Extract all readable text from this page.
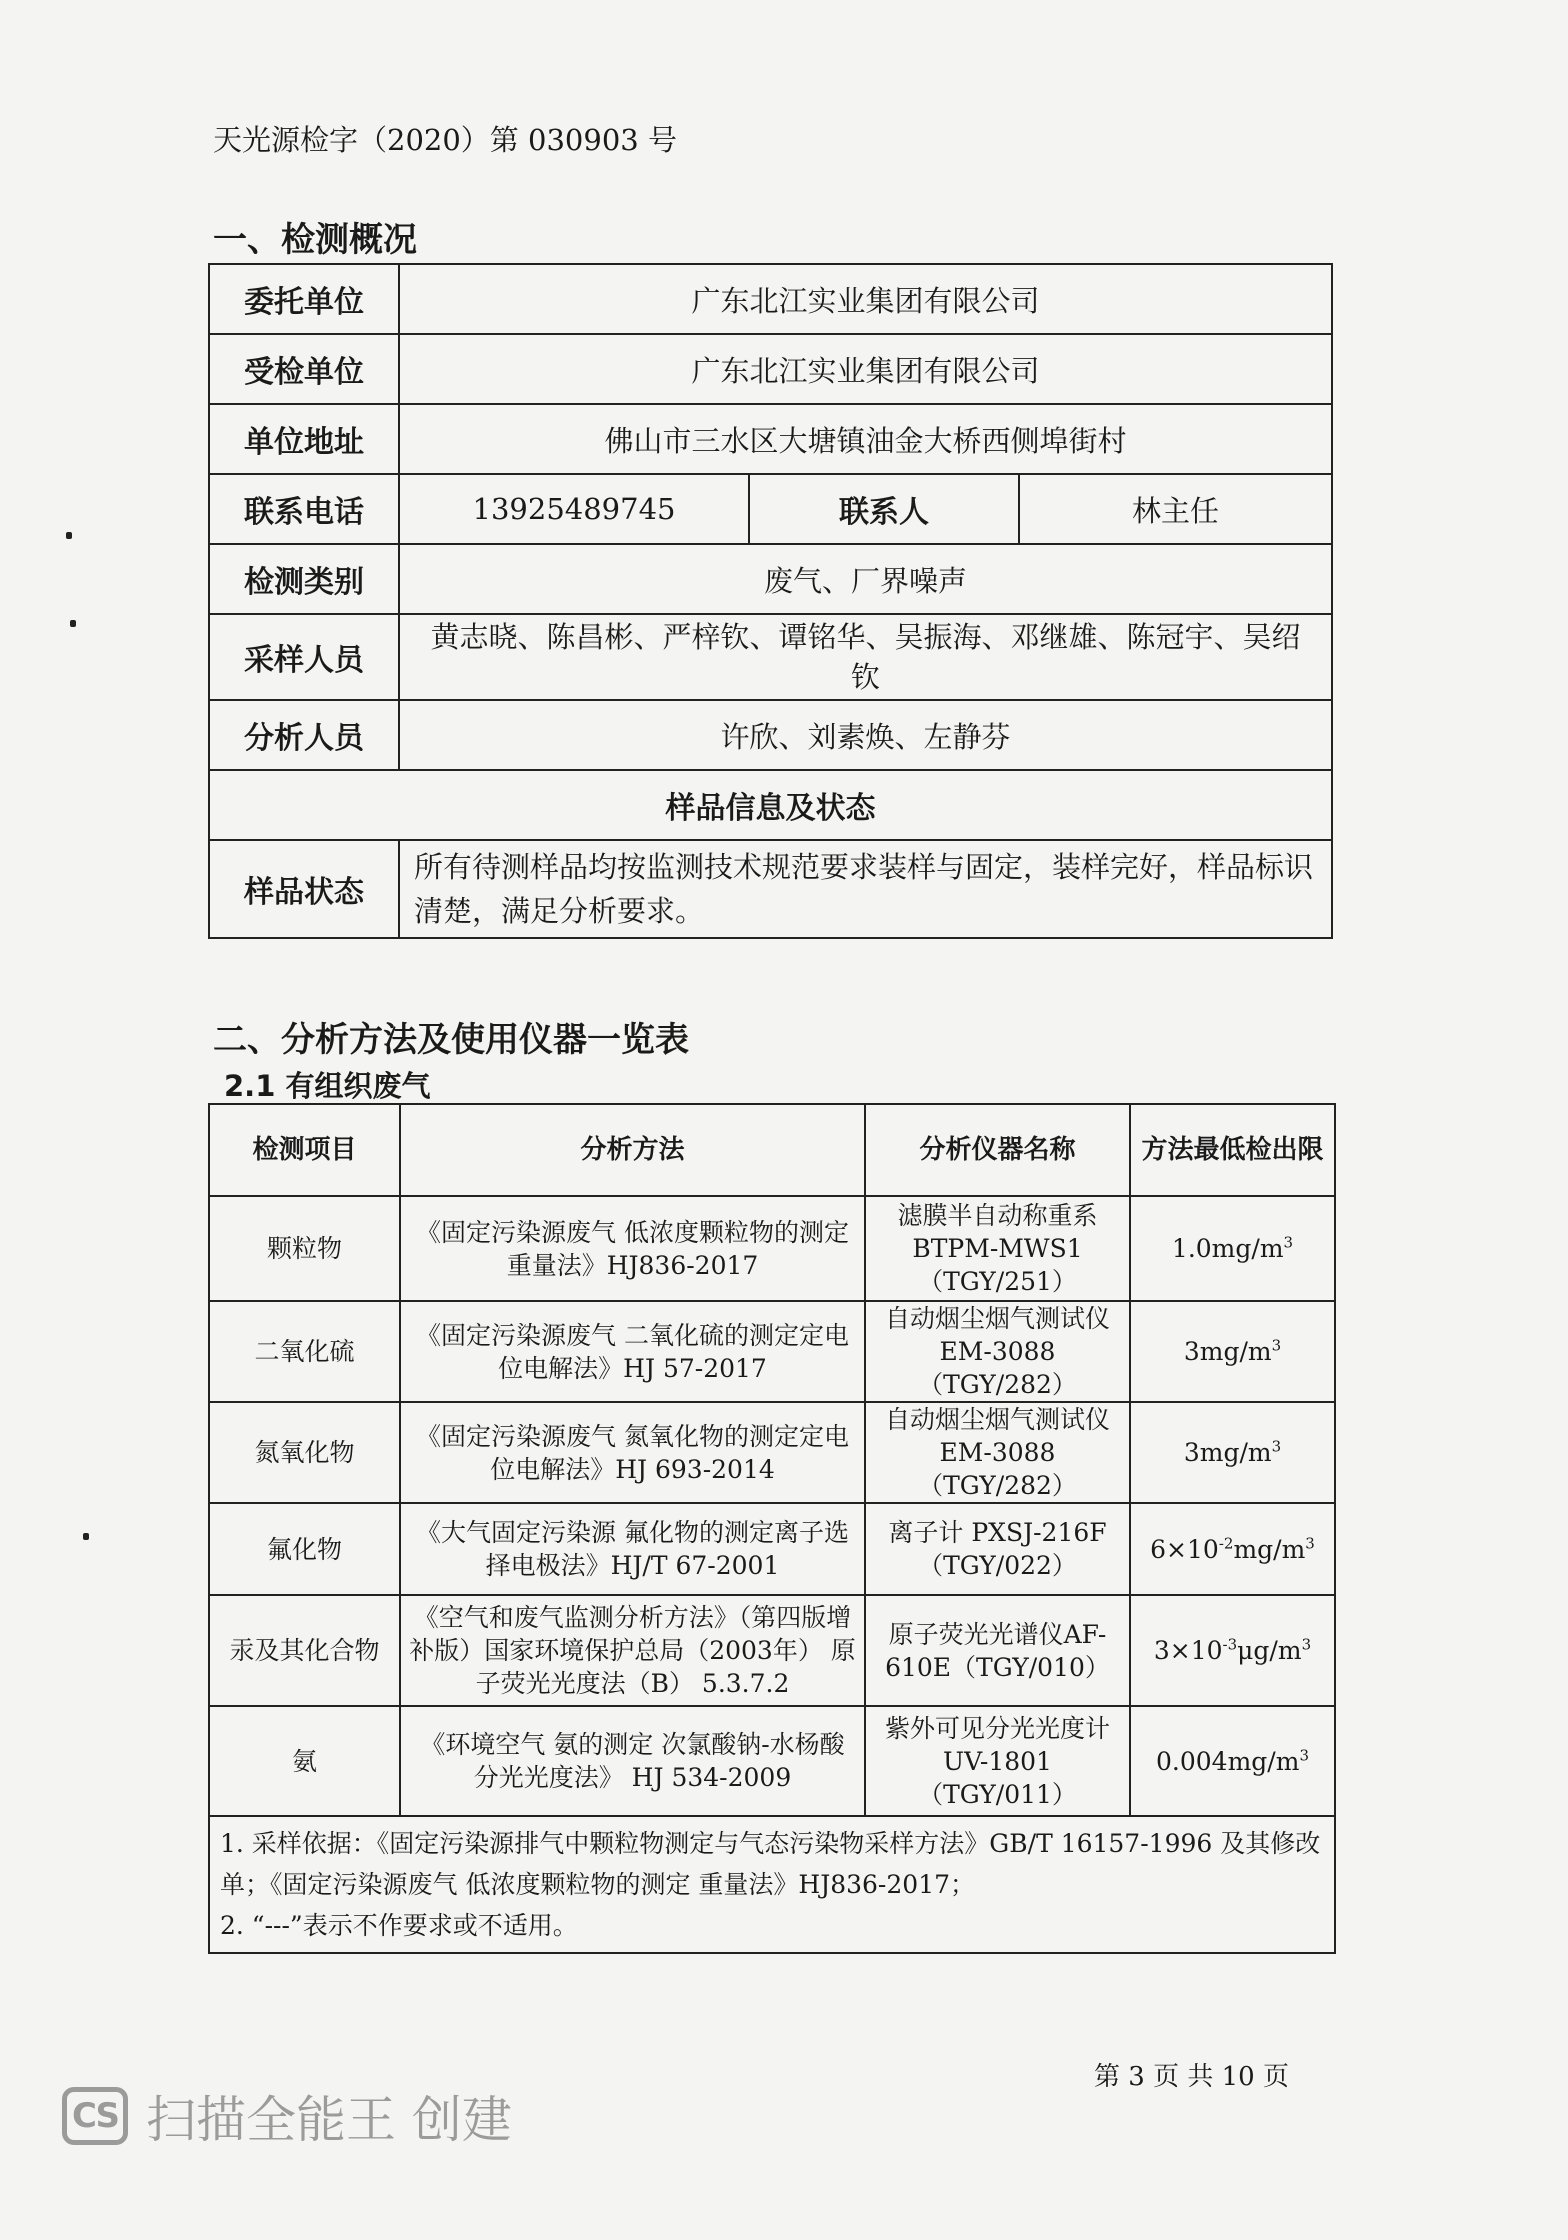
天光源检字（2020）第 030903 号
一、检测概况
委托单位	广东北江实业集团有限公司		
受检单位	广东北江实业集团有限公司		
单位地址	佛山市三水区大塘镇油金大桥西侧埠街村		
联系电话	13925489745	联系人	林主任
检测类别	废气、厂界噪声		
采样人员	黄志晓、陈昌彬、严梓钦、谭铭华、吴振海、邓继雄、陈冠宇、吴绍钦		
分析人员	许欣、刘素焕、左静芬		
样品信息及状态			
样品状态	所有待测样品均按监测技术规范要求装样与固定，装样完好，样品标识清楚，满足分析要求。		
二、分析方法及使用仪器一览表
2.1 有组织废气
检测项目	分析方法	分析仪器名称	方法最低检出限
颗粒物	《固定污染源废气 低浓度颗粒物的测定 重量法》HJ836-2017	滤膜半自动称重系BTPM-MWS1（TGY/251）	$1.0mg/m^3$
二氧化硫	《固定污染源废气 二氧化硫的测定定电位电解法》HJ 57-2017	自动烟尘烟气测试仪 EM-3088（TGY/282）	$3mg/m^3$
氮氧化物	《固定污染源废气 氮氧化物的测定定电位电解法》HJ 693-2014	自动烟尘烟气测试仪 EM-3088（TGY/282）	$3mg/m^3$
氟化物	《大气固定污染源 氟化物的测定离子选择电极法》HJ/T 67-2001	离子计 PXSJ-216F（TGY/022）	$6\times 10^{-2}mg/m^3$
汞及其化合物	《空气和废气监测分析方法》（第四版增补版）国家环境保护总局（2003年） 原子荧光光度法（B） 5.3.7.2	原子荧光光谱仪AF-610E（TGY/010）	$3\times 10^{-3}\mu g/m^3$
氨	《环境空气 氨的测定 次氯酸钠-水杨酸分光光度法》 HJ 534-2009	紫外可见分光光度计 UV-1801（TGY/011）	$0.004mg/m^3$

1. 采样依据：《固定污染源排气中颗粒物测定与气态污染物采样方法》GB/T 16157-1996 及其修改单；《固定污染源废气 低浓度颗粒物的测定 重量法》HJ836-2017；
2. “---”表示不作要求或不适用。			
第 3 页 共 10 页
CS 扫描全能王 创建
